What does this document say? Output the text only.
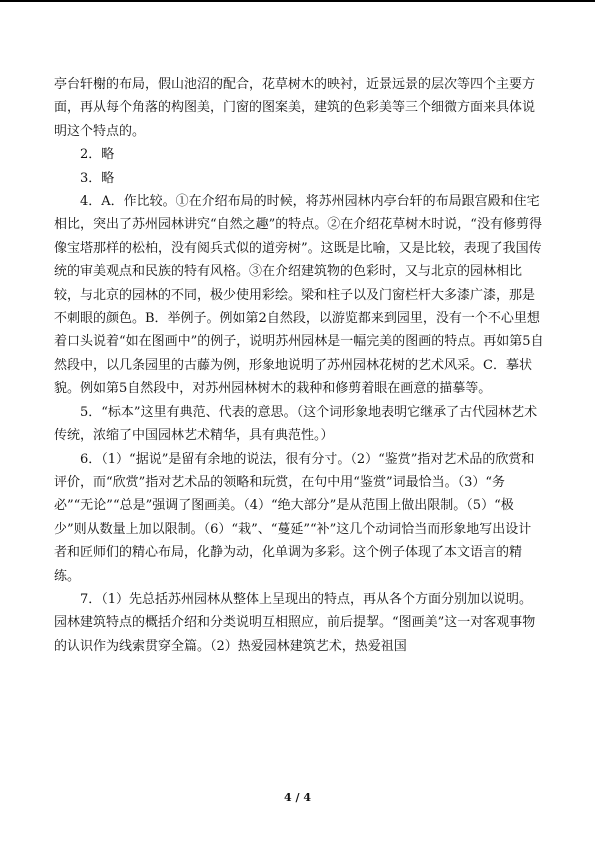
亭台轩榭的布局，假山池沼的配合，花草树木的映衬，近景远景的层次等四个主要方面，再从每个角落的构图美，门窗的图案美，建筑的色彩美等三个细微方面来具体说明这个特点的。

2．略

3．略

4．A．作比较。①在介绍布局的时候，将苏州园林内亭台轩的布局跟宫殿和住宅相比，突出了苏州园林讲究“自然之趣”的特点。②在介绍花草树木时说，“没有修剪得像宝塔那样的松柏，没有阅兵式似的道旁树”。这既是比喻，又是比较，表现了我国传统的审美观点和民族的特有风格。③在介绍建筑物的色彩时，又与北京的园林相比较，与北京的园林的不同，极少使用彩绘。梁和柱子以及门窗栏杆大多漆广漆，那是不刺眼的颜色。B．举例子。例如第2自然段，以游览都来到园里，没有一个不心里想着口头说着“如在图画中”的例子，说明苏州园林是一幅完美的图画的特点。再如第5自然段中，以几条园里的古藤为例，形象地说明了苏州园林花树的艺术风采。C．摹状貌。例如第5自然段中，对苏州园林树木的栽种和修剪着眼在画意的描摹等。

5．“标本”这里有典范、代表的意思。（这个词形象地表明它继承了古代园林艺术传统，浓缩了中国园林艺术精华，具有典范性。）

6．（1）“据说”是留有余地的说法，很有分寸。（2）“鉴赏”指对艺术品的欣赏和评价，而“欣赏”指对艺术品的领略和玩赏，在句中用“鉴赏”词最恰当。（3）“务必”“无论”“总是”强调了图画美。（4）“绝大部分”是从范围上做出限制。（5）“极少”则从数量上加以限制。（6）“栽”、“蔓延”“补”这几个动词恰当而形象地写出设计者和匠师们的精心布局，化静为动，化单调为多彩。这个例子体现了本文语言的精练。

7．（1）先总括苏州园林从整体上呈现出的特点，再从各个方面分别加以说明。园林建筑特点的概括介绍和分类说明互相照应，前后提挈。“图画美”这一对客观事物的认识作为线索贯穿全篇。（2）热爱园林建筑艺术，热爱祖国

4 / 4
